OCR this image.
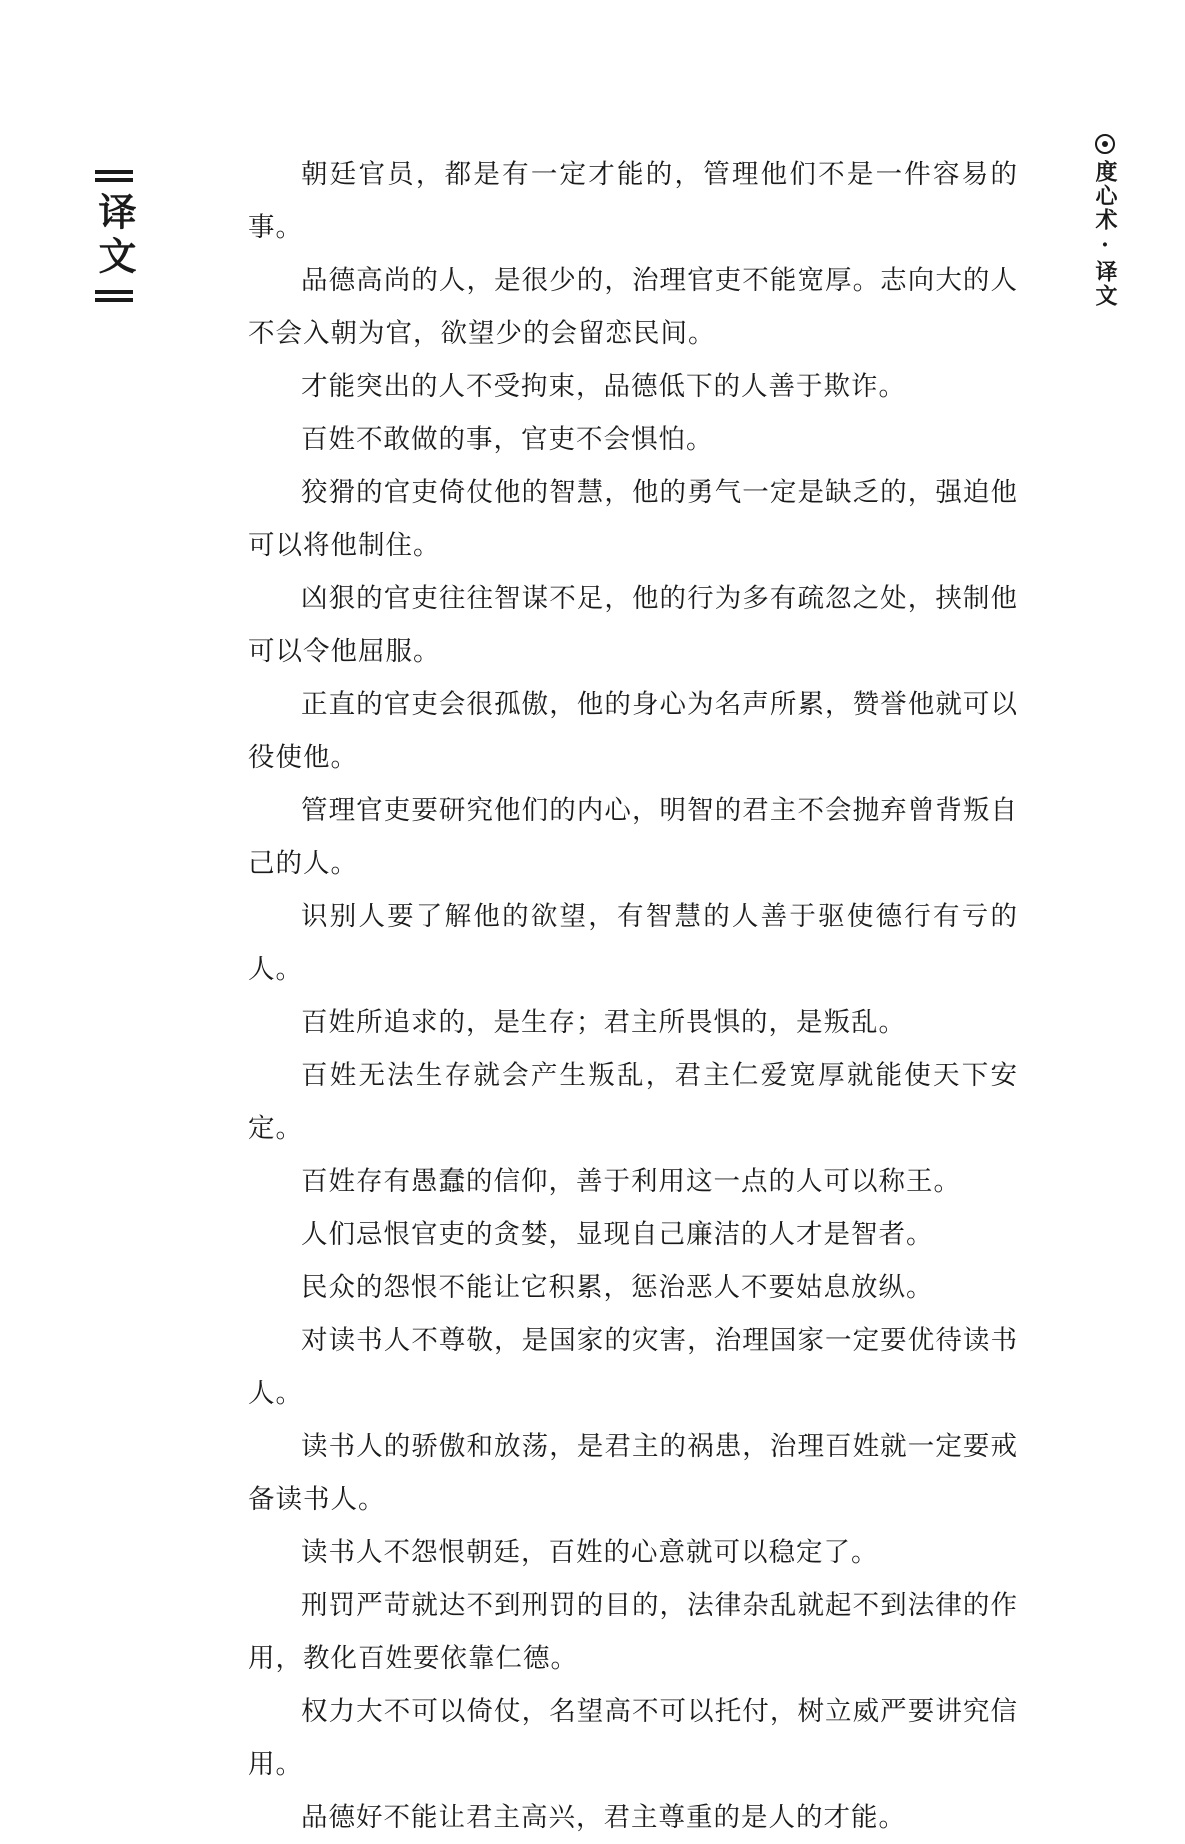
译文	度心术·译文

朝廷官员，都是有一定才能的，管理他们不是一件容易的事。

品德高尚的人，是很少的，治理官吏不能宽厚。志向大的人不会入朝为官，欲望少的会留恋民间。

才能突出的人不受拘束，品德低下的人善于欺诈。

百姓不敢做的事，官吏不会惧怕。

狡猾的官吏倚仗他的智慧，他的勇气一定是缺乏的，强迫他可以将他制住。

凶狠的官吏往往智谋不足，他的行为多有疏忽之处，挟制他可以令他屈服。

正直的官吏会很孤傲，他的身心为名声所累，赞誉他就可以役使他。

管理官吏要研究他们的内心，明智的君主不会抛弃曾背叛自己的人。

识别人要了解他的欲望，有智慧的人善于驱使德行有亏的人。

百姓所追求的，是生存；君主所畏惧的，是叛乱。

百姓无法生存就会产生叛乱，君主仁爱宽厚就能使天下安定。

百姓存有愚蠢的信仰，善于利用这一点的人可以称王。

人们忌恨官吏的贪婪，显现自己廉洁的人才是智者。

民众的怨恨不能让它积累，惩治恶人不要姑息放纵。

对读书人不尊敬，是国家的灾害，治理国家一定要优待读书人。

读书人的骄傲和放荡，是君主的祸患，治理百姓就一定要戒备读书人。

读书人不怨恨朝廷，百姓的心意就可以稳定了。

刑罚严苛就达不到刑罚的目的，法律杂乱就起不到法律的作用，教化百姓要依靠仁德。

权力大不可以倚仗，名望高不可以托付，树立威严要讲究信用。

品德好不能让君主高兴，君主尊重的是人的才能。
